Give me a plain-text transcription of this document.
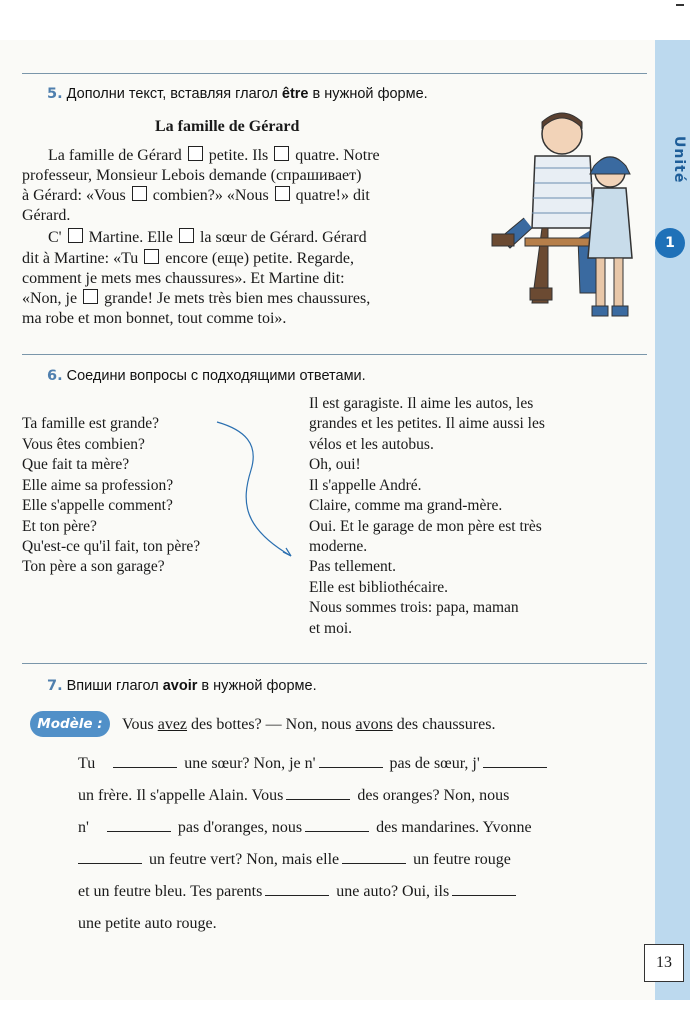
Unité
1
5. Дополни текст, вставляя глагол être в нужной форме.
La famille de Gérard
La famille de Gérard  petite. Ils  quatre. Notre
professeur, Monsieur Lebois demande (спрашивает)
à Gérard: «Vous  combien?» «Nous  quatre!» dit
Gérard.
C'  Martine. Elle  la sœur de Gérard. Gérard
dit à Martine: «Tu  encore (еще) petite. Regarde,
comment je mets mes chaussures». Et Martine dit:
«Non, je  grande! Je mets très bien mes chaussures,
ma robe et mon bonnet, tout comme toi».
6. Соедини вопросы с подходящими ответами.
Ta famille est grande?
Vous êtes combien?
Que fait ta mère?
Elle aime sa profession?
Elle s'appelle comment?
Et ton père?
Qu'est-ce qu'il fait, ton père?
Ton père a son garage?
Il est garagiste. Il aime les autos, les
grandes et les petites. Il aime aussi les
vélos et les autobus.
Oh, oui!
Il s'appelle André.
Claire, comme ma grand-mère.
Oui. Et le garage de mon père est très
moderne.
Pas tellement.
Elle est bibliothécaire.
Nous sommes trois: papa, maman
et moi.
7. Впиши глагол avoir в нужной форме.
Modèle :	Vous avez des bottes? — Non, nous avons des chaussures.
Tu	une sœur? Non, je n'	pas de sœur, j'
un frère. Il s'appelle Alain. Vous	des oranges? Non, nous
n'	pas d'oranges, nous	des mandarines. Yvonne
un feutre vert? Non, mais elle	un feutre rouge
et un feutre bleu. Tes parents	une auto? Oui, ils
une petite auto rouge.
13
